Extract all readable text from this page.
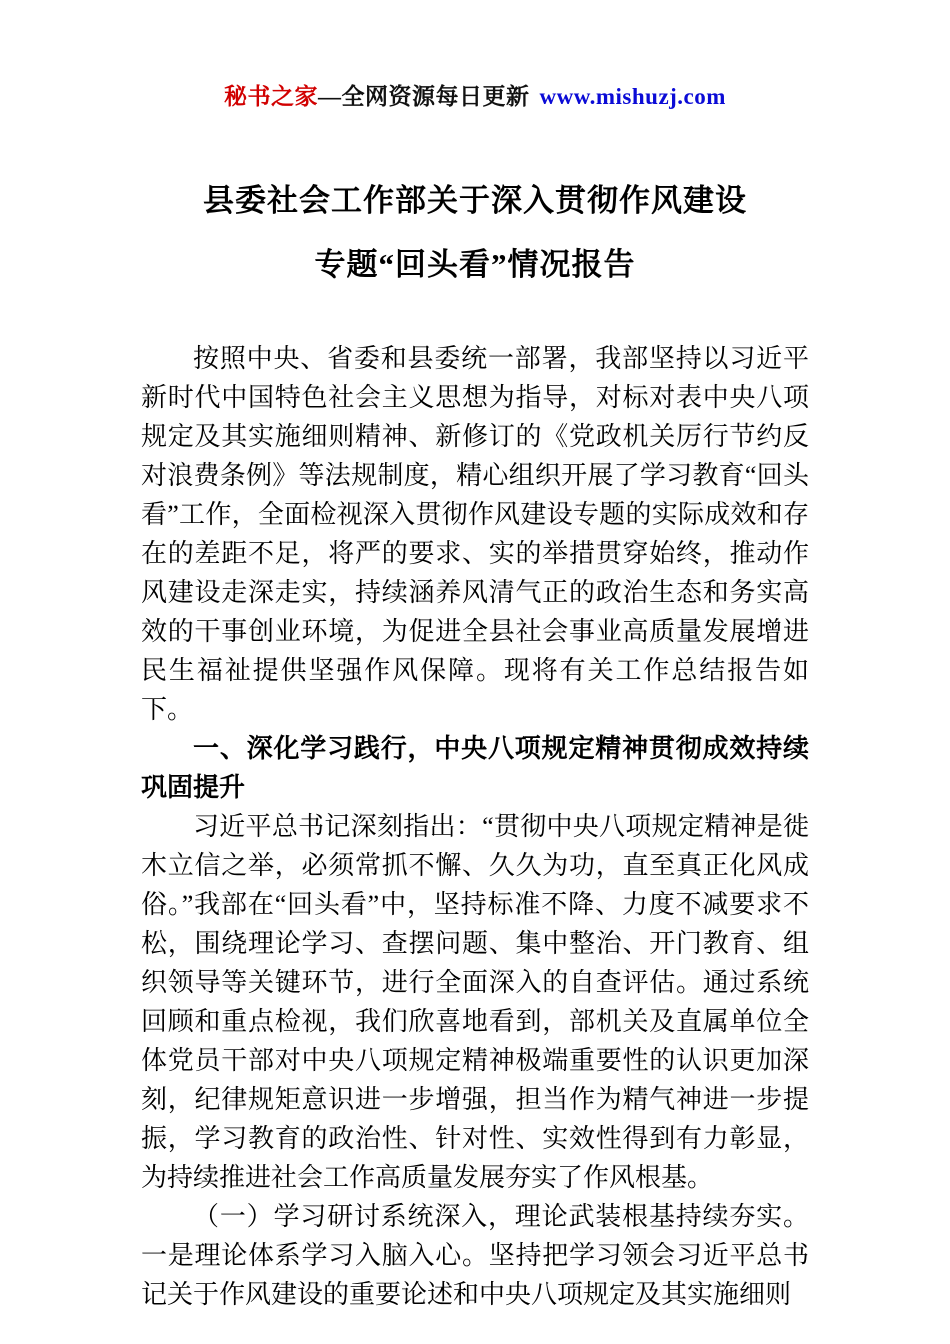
秘书之家—全网资源每日更新 www.mishuzj.com
县委社会工作部关于深入贯彻作风建设
专题“回头看”情况报告

按照中央、省委和县委统一部署，我部坚持以习近平新时代中国特色社会主义思想为指导，对标对表中央八项规定及其实施细则精神、新修订的《党政机关厉行节约反对浪费条例》等法规制度，精心组织开展了学习教育“回头看”工作，全面检视深入贯彻作风建设专题的实际成效和存在的差距不足，将严的要求、实的举措贯穿始终，推动作风建设走深走实，持续涵养风清气正的政治生态和务实高效的干事创业环境，为促进全县社会事业高质量发展增进民生福祉提供坚强作风保障。现将有关工作总结报告如下。

一、深化学习践行，中央八项规定精神贯彻成效持续巩固提升

习近平总书记深刻指出：“贯彻中央八项规定精神是徙木立信之举，必须常抓不懈、久久为功，直至真正化风成俗。”我部在“回头看”中，坚持标准不降、力度不减要求不松，围绕理论学习、查摆问题、集中整治、开门教育、组织领导等关键环节，进行全面深入的自查评估。通过系统回顾和重点检视，我们欣喜地看到，部机关及直属单位全体党员干部对中央八项规定精神极端重要性的认识更加深刻，纪律规矩意识进一步增强，担当作为精气神进一步提振，学习教育的政治性、针对性、实效性得到有力彰显，为持续推进社会工作高质量发展夯实了作风根基。

（一）学习研讨系统深入，理论武装根基持续夯实。一是理论体系学习入脑入心。坚持把学习领会习近平总书记关于作风建设的重要论述和中央八项规定及其实施细则
